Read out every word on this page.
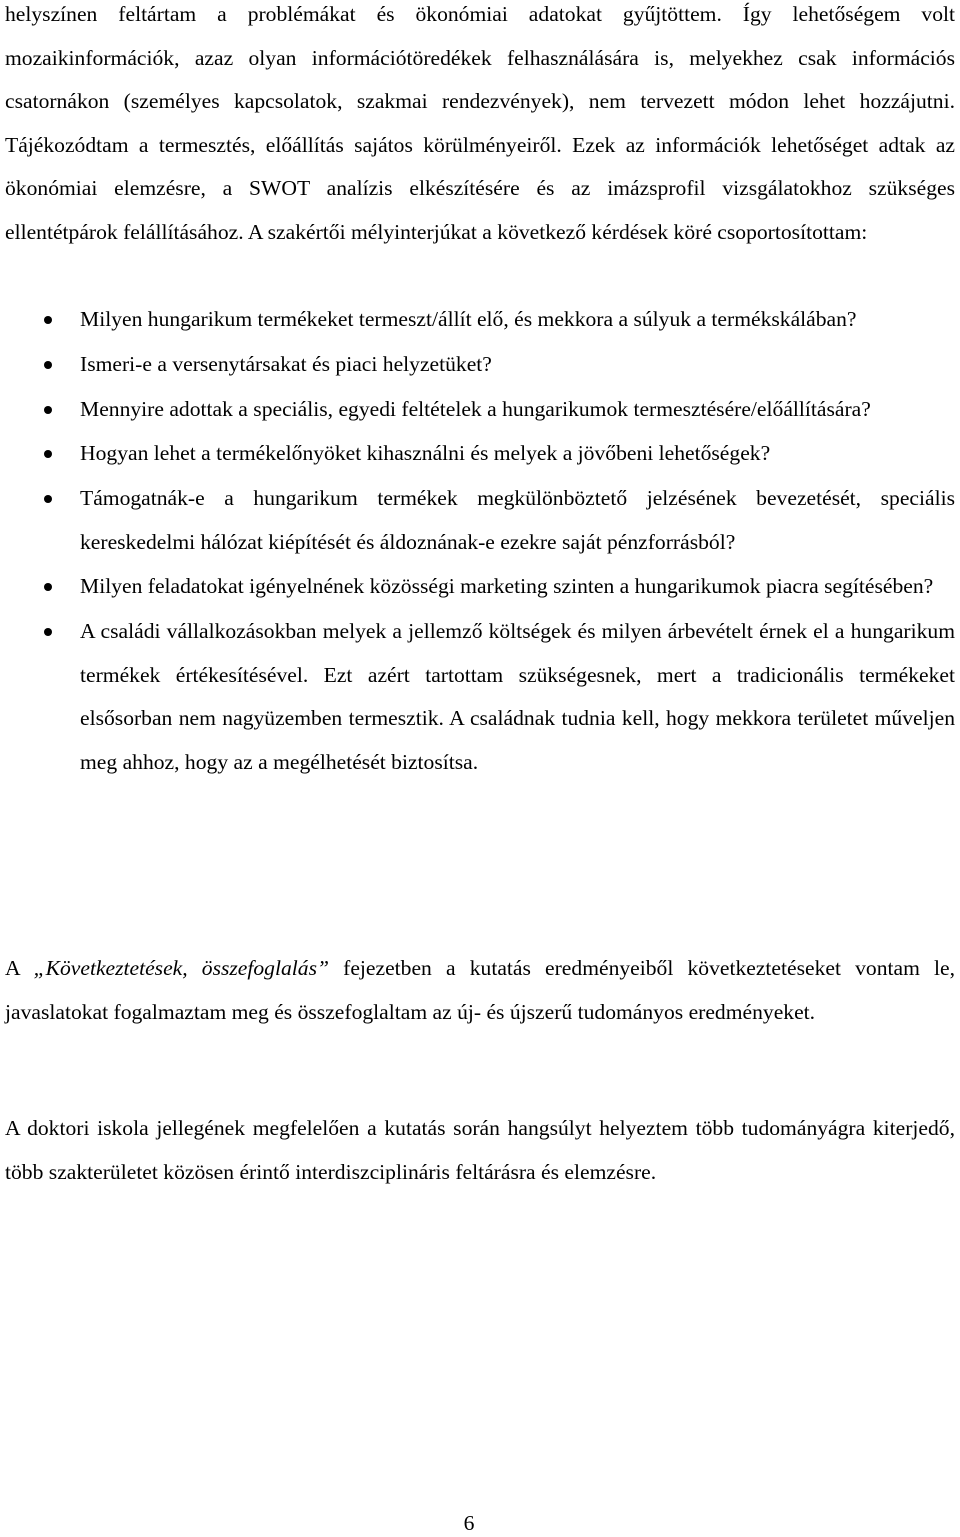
helyszínen feltártam a problémákat és ökonómiai adatokat gyűjtöttem. Így lehetőségem volt mozaikinformációk, azaz olyan információtöredékek felhasználására is, melyekhez csak információs csatornákon (személyes kapcsolatok, szakmai rendezvények), nem tervezett módon lehet hozzájutni. Tájékozódtam a termesztés, előállítás sajátos körülményeiről. Ezek az információk lehetőséget adtak az ökonómiai elemzésre, a SWOT analízis elkészítésére és az imázsprofil vizsgálatokhoz szükséges ellentétpárok felállításához. A szakértői mélyinterjúkat a következő kérdések köré csoportosítottam:

Milyen hungarikum termékeket termeszt/állít elő, és mekkora a súlyuk a termékskálában?
Ismeri-e a versenytársakat és piaci helyzetüket?
Mennyire adottak a speciális, egyedi feltételek a hungarikumok termesztésére/előállítására?
Hogyan lehet a termékelőnyöket kihasználni és melyek a jövőbeni lehetőségek?
Támogatnák-e a hungarikum termékek megkülönböztető jelzésének bevezetését, speciális kereskedelmi hálózat kiépítését és áldoznának-e ezekre saját pénzforrásból?
Milyen feladatokat igényelnének közösségi marketing szinten a hungarikumok piacra segítésében?
A családi vállalkozásokban melyek a jellemző költségek és milyen árbevételt érnek el a hungarikum termékek értékesítésével. Ezt azért tartottam szükségesnek, mert a tradicionális termékeket elsősorban nem nagyüzemben termesztik. A családnak tudnia kell, hogy mekkora területet műveljen meg ahhoz, hogy az a megélhetését biztosítsa.

A „Következtetések, összefoglalás” fejezetben a kutatás eredményeiből következtetéseket vontam le, javaslatokat fogalmaztam meg és összefoglaltam az új- és újszerű tudományos eredményeket.

A doktori iskola jellegének megfelelően a kutatás során hangsúlyt helyeztem több tudományágra kiterjedő, több szakterületet közösen érintő interdiszciplináris feltárásra és elemzésre.

6
